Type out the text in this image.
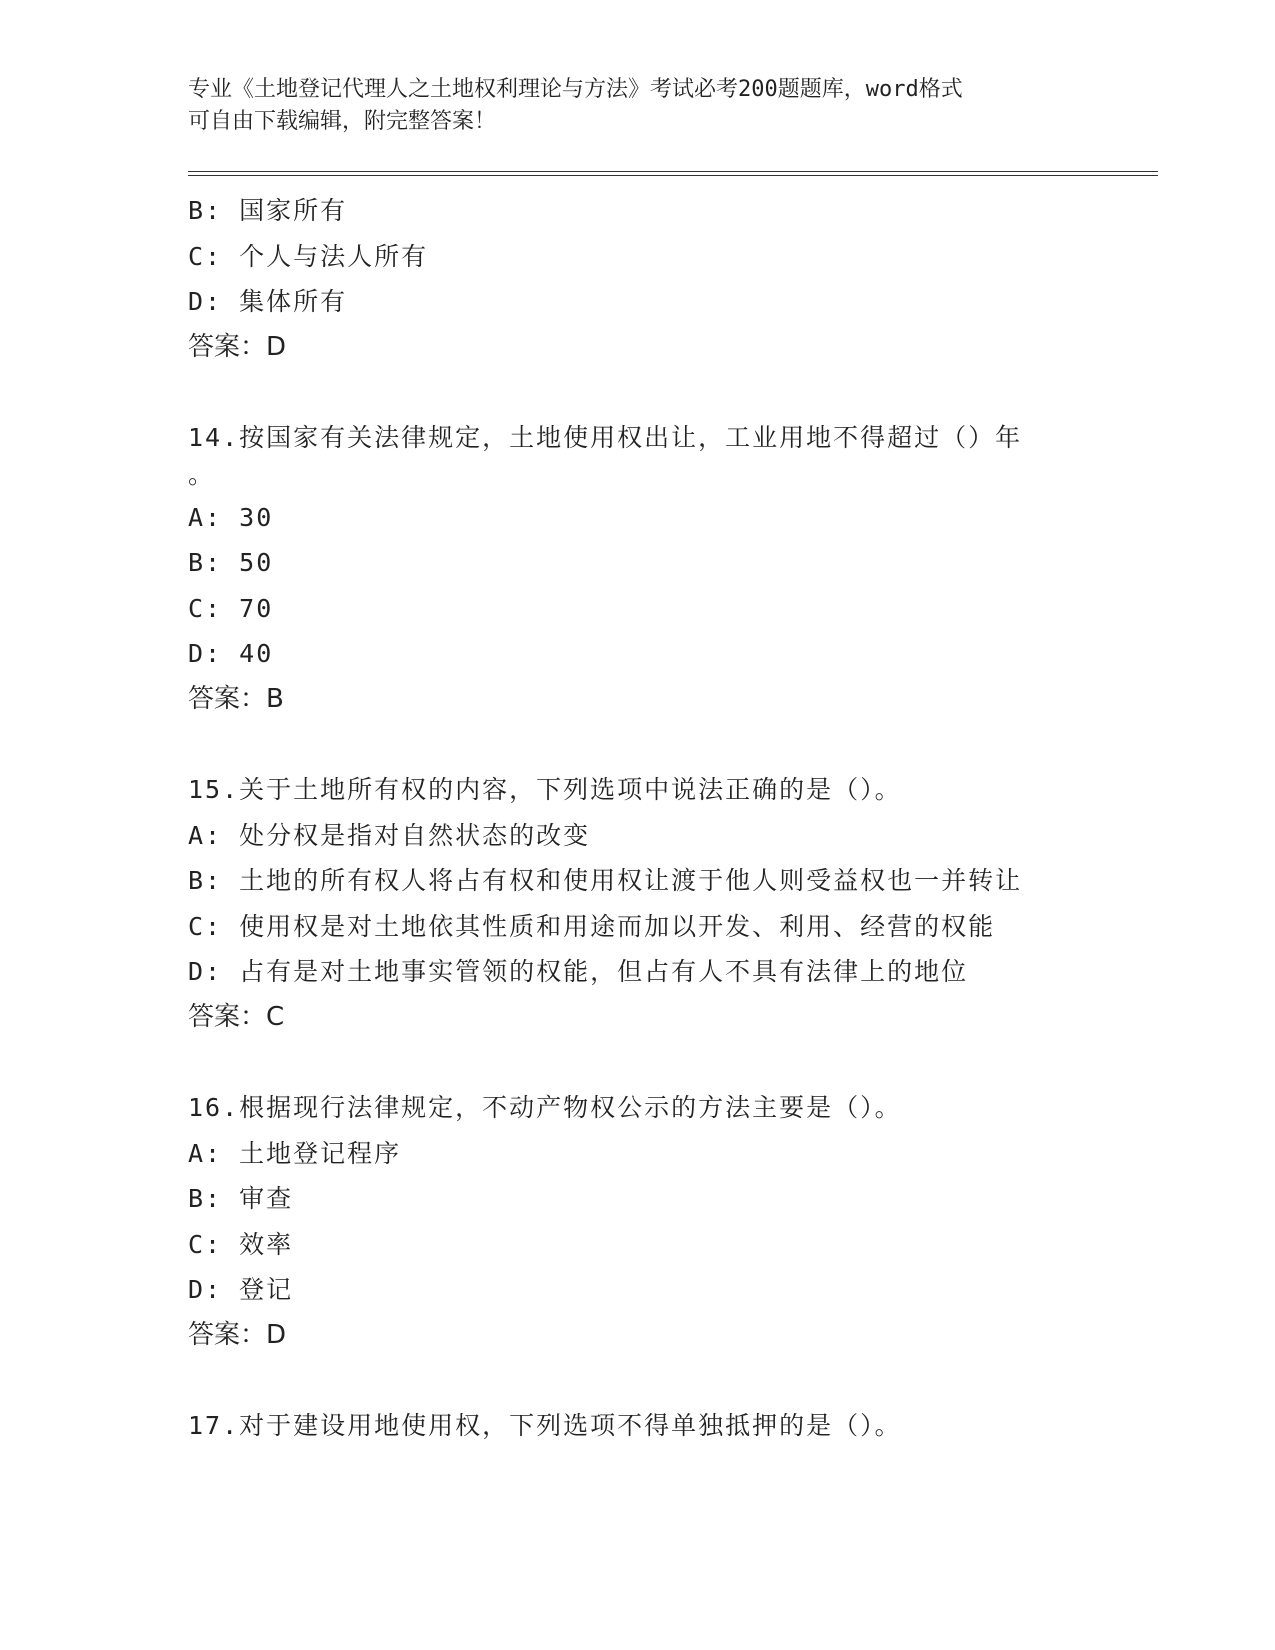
专业《土地登记代理人之土地权利理论与方法》考试必考200题题库，word格式
可自由下载编辑，附完整答案！
B: 国家所有
C: 个人与法人所有
D: 集体所有
答案：D
14.按国家有关法律规定，土地使用权出让，工业用地不得超过（）年
。
A: 30
B: 50
C: 70
D: 40
答案：B
15.关于土地所有权的内容，下列选项中说法正确的是（）。
A: 处分权是指对自然状态的改变
B: 土地的所有权人将占有权和使用权让渡于他人则受益权也一并转让
C: 使用权是对土地依其性质和用途而加以开发、利用、经营的权能
D: 占有是对土地事实管领的权能，但占有人不具有法律上的地位
答案：C
16.根据现行法律规定，不动产物权公示的方法主要是（）。
A: 土地登记程序
B: 审查
C: 效率
D: 登记
答案：D
17.对于建设用地使用权，下列选项不得单独抵押的是（）。
